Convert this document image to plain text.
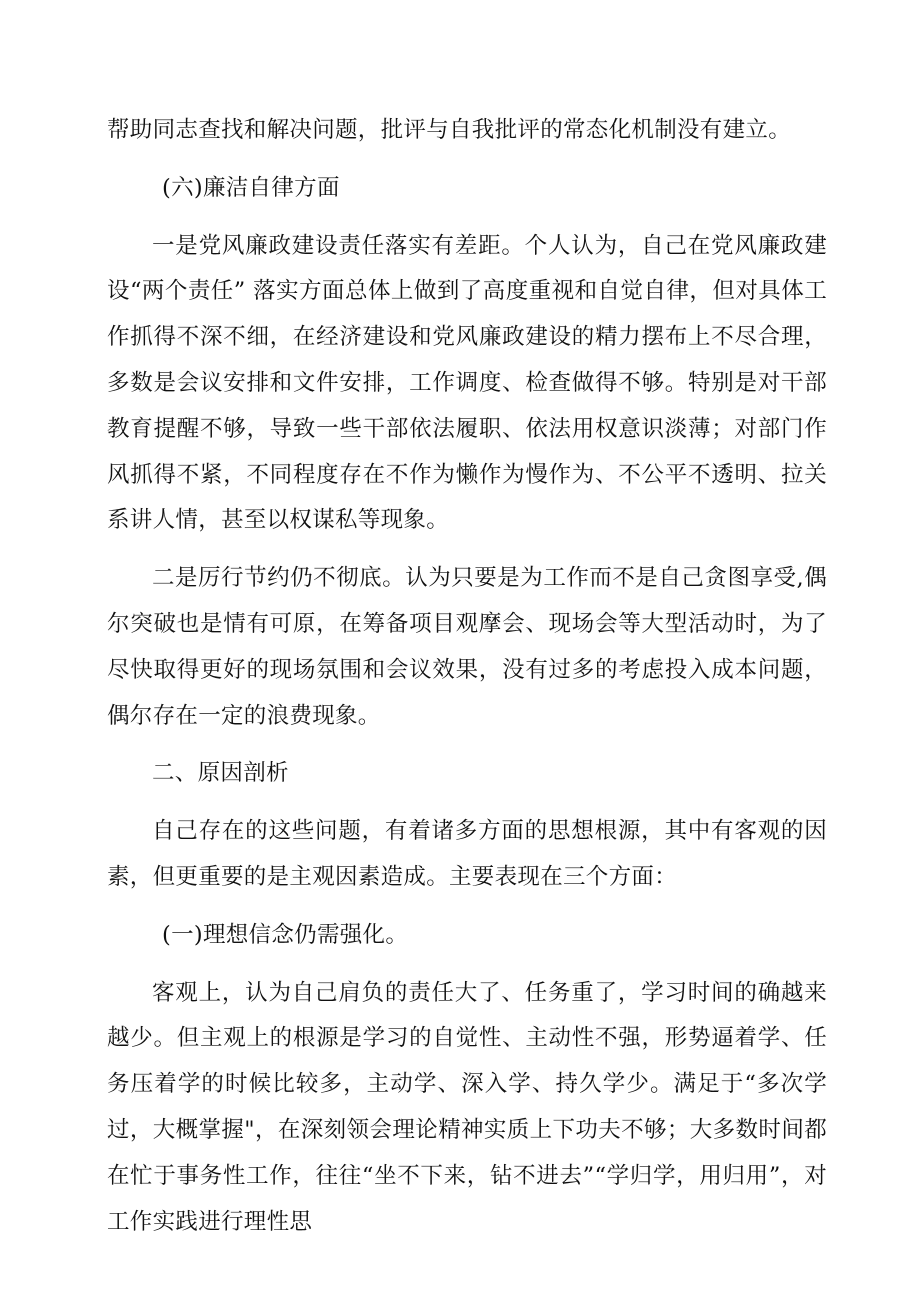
帮助同志查找和解决问题，批评与自我批评的常态化机制没有建立。

(六)廉洁自律方面

一是党风廉政建设责任落实有差距。个人认为，自己在党风廉政建设“两个责任” 落实方面总体上做到了高度重视和自觉自律，但对具体工作抓得不深不细，在经济建设和党风廉政建设的精力摆布上不尽合理，多数是会议安排和文件安排，工作调度、检查做得不够。特别是对干部教育提醒不够，导致一些干部依法履职、依法用权意识淡薄；对部门作风抓得不紧，不同程度存在不作为懒作为慢作为、不公平不透明、拉关系讲人情，甚至以权谋私等现象。

二是厉行节约仍不彻底。认为只要是为工作而不是自己贪图享受,偶尔突破也是情有可原，在筹备项目观摩会、现场会等大型活动时，为了尽快取得更好的现场氛围和会议效果，没有过多的考虑投入成本问题，偶尔存在一定的浪费现象。

二、原因剖析

自己存在的这些问题，有着诸多方面的思想根源，其中有客观的因素，但更重要的是主观因素造成。主要表现在三个方面：

(一)理想信念仍需强化。

客观上，认为自己肩负的责任大了、任务重了，学习时间的确越来越少。但主观上的根源是学习的自觉性、主动性不强，形势逼着学、任务压着学的时候比较多，主动学、深入学、持久学少。满足于“多次学过，大概掌握"，在深刻领会理论精神实质上下功夫不够；大多数时间都在忙于事务性工作，往往“坐不下来，钻不进去”“学归学，用归用”，对工作实践进行理性思
